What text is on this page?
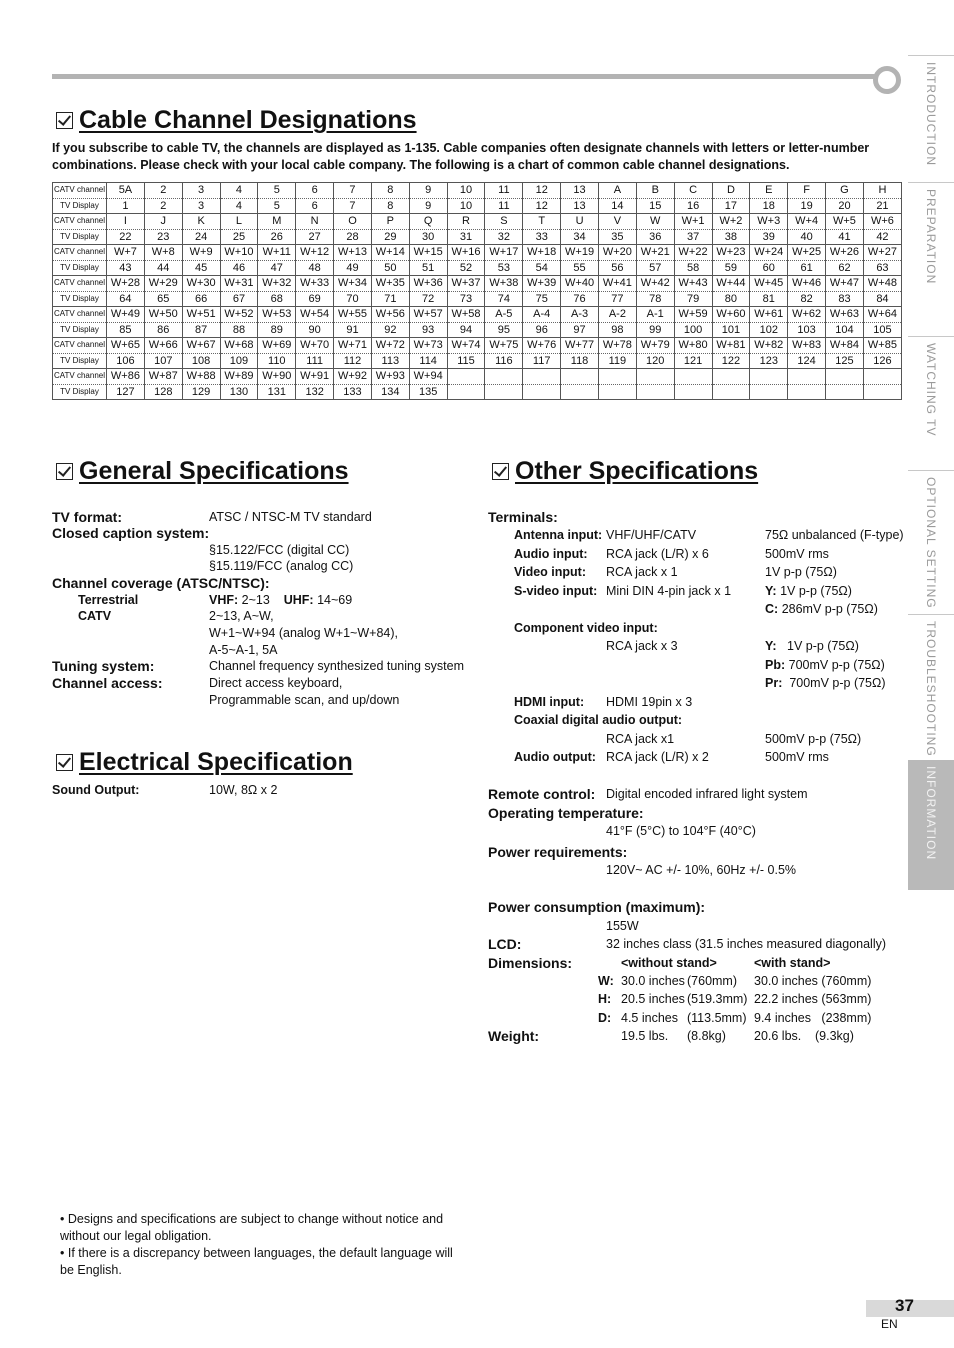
INTRODUCTION
PREPARATION
WATCHING TV
OPTIONAL SETTING
TROUBLESHOOTING
INFORMATION
Cable Channel Designations
If you subscribe to cable TV, the channels are displayed as 1-135. Cable companies often designate channels with letters or letter-number combinations. Please check with your local cable company. The following is a chart of common cable channel designations.
CATV channel	5A	2	3	4	5	6	7	8	9	10	11	12	13	A	B	C	D	E	F	G	H
TV Display	1	2	3	4	5	6	7	8	9	10	11	12	13	14	15	16	17	18	19	20	21
CATV channel	I	J	K	L	M	N	O	P	Q	R	S	T	U	V	W	W+1	W+2	W+3	W+4	W+5	W+6
TV Display	22	23	24	25	26	27	28	29	30	31	32	33	34	35	36	37	38	39	40	41	42
CATV channel	W+7	W+8	W+9	W+10	W+11	W+12	W+13	W+14	W+15	W+16	W+17	W+18	W+19	W+20	W+21	W+22	W+23	W+24	W+25	W+26	W+27
TV Display	43	44	45	46	47	48	49	50	51	52	53	54	55	56	57	58	59	60	61	62	63
CATV channel	W+28	W+29	W+30	W+31	W+32	W+33	W+34	W+35	W+36	W+37	W+38	W+39	W+40	W+41	W+42	W+43	W+44	W+45	W+46	W+47	W+48
TV Display	64	65	66	67	68	69	70	71	72	73	74	75	76	77	78	79	80	81	82	83	84
CATV channel	W+49	W+50	W+51	W+52	W+53	W+54	W+55	W+56	W+57	W+58	A-5	A-4	A-3	A-2	A-1	W+59	W+60	W+61	W+62	W+63	W+64
TV Display	85	86	87	88	89	90	91	92	93	94	95	96	97	98	99	100	101	102	103	104	105
CATV channel	W+65	W+66	W+67	W+68	W+69	W+70	W+71	W+72	W+73	W+74	W+75	W+76	W+77	W+78	W+79	W+80	W+81	W+82	W+83	W+84	W+85
TV Display	106	107	108	109	110	111	112	113	114	115	116	117	118	119	120	121	122	123	124	125	126
CATV channel	W+86	W+87	W+88	W+89	W+90	W+91	W+92	W+93	W+94												
TV Display	127	128	129	130	131	132	133	134	135												
General Specifications
TV format:	ATSC / NTSC-M TV standard
Closed caption system:
§15.122/FCC (digital CC)
§15.119/FCC (analog CC)
Channel coverage (ATSC/NTSC):
Terrestrial	VHF: 2~13 UHF: 14~69
CATV	2~13, A~W,
W+1~W+94 (analog W+1~W+84),
A-5~A-1, 5A
Tuning system:	Channel frequency synthesized tuning system
Channel access:	Direct access keyboard,
Programmable scan, and up/down
Electrical Specification
Sound Output:	10W, 8Ω x 2
Other Specifications
Terminals:
Antenna input: VHF/UHF/CATV	75Ω unbalanced (F-type)
Audio input: RCA jack (L/R) x 6	500mV rms
Video input: RCA jack x 1	1V p-p (75Ω)
S-video input: Mini DIN 4-pin jack x 1	Y: 1V p-p (75Ω)
C: 286mV p-p (75Ω)
Component video input:
RCA jack x 3	Y: 1V p-p (75Ω)
Pb: 700mV p-p (75Ω)
Pr: 700mV p-p (75Ω)
HDMI input: HDMI 19pin x 3
Coaxial digital audio output:
RCA jack x1	500mV p-p (75Ω)
Audio output: RCA jack (L/R) x 2	500mV rms
Remote control: Digital encoded infrared light system
Operating temperature:
41°F (5°C) to 104°F (40°C)
Power requirements:
120V~ AC +/- 10%, 60Hz +/- 0.5%
Power consumption (maximum):
155W
LCD:	32 inches class (31.5 inches measured diagonally)
Dimensions:	<without stand>	<with stand>
W: 30.0 inches (760mm) 30.0 inches (760mm)
H: 20.5 inches (519.3mm) 22.2 inches (563mm)
D: 4.5 inches (113.5mm) 9.4 inches   (238mm)
Weight:	19.5 lbs. (8.8kg) 20.6 lbs. (9.3kg)
• Designs and specifications are subject to change without notice and without our legal obligation.
• If there is a discrepancy between languages, the default language will be English.
37
EN
